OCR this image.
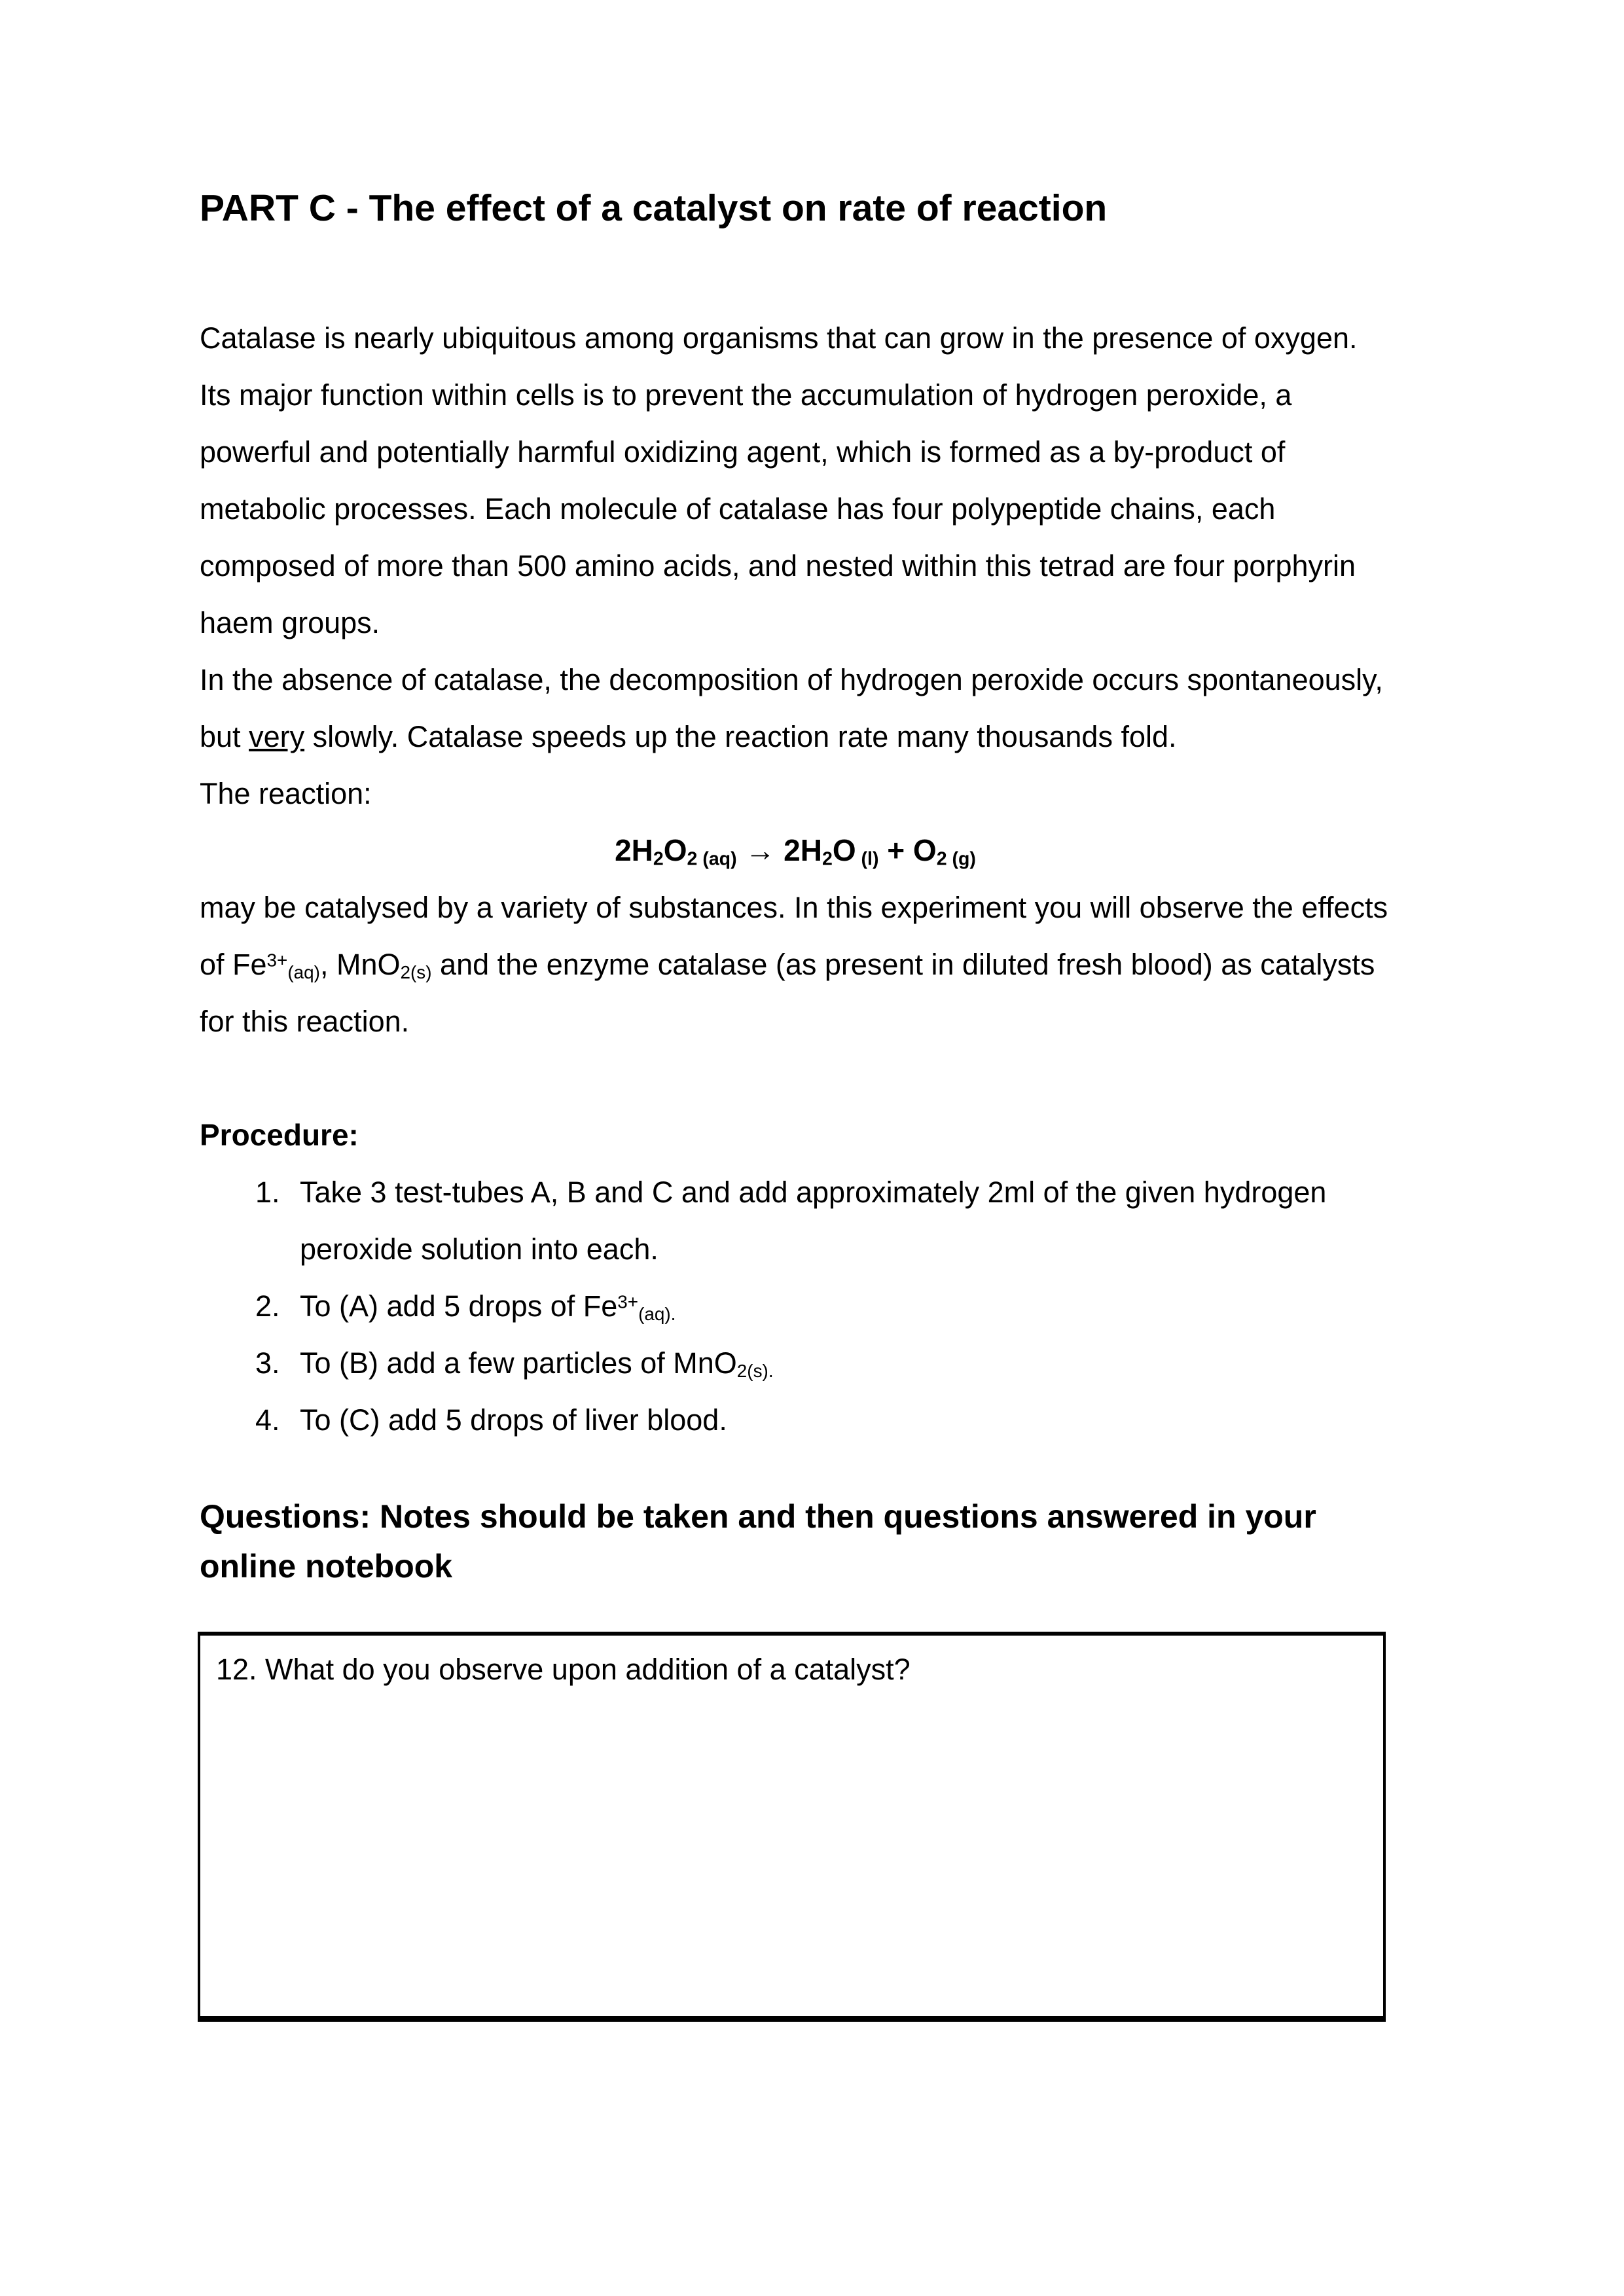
PART C - The effect of a catalyst on rate of reaction
Catalase is nearly ubiquitous among organisms that can grow in the presence of oxygen. Its major function within cells is to prevent the accumulation of hydrogen peroxide, a powerful and potentially harmful oxidizing agent, which is formed as a by-product of metabolic processes. Each molecule of catalase has four polypeptide chains, each composed of more than 500 amino acids, and nested within this tetrad are four porphyrin haem groups.
In the absence of catalase, the decomposition of hydrogen peroxide occurs spontaneously, but very slowly. Catalase speeds up the reaction rate many thousands fold.
The reaction:
$2H_2O_2$ $_{(aq)} \to 2H_2O$ $_{(l)} + O_2$ $_{(g)}$
may be catalysed by a variety of substances. In this experiment you will observe the effects of $Fe^{3+}_{(aq)}$, MnO$_{2(s)}$ and the enzyme catalase (as present in diluted fresh blood) as catalysts for this reaction.
Procedure:
1. Take 3 test-tubes A, B and C and add approximately 2ml of the given hydrogen peroxide solution into each.
2. To (A) add 5 drops of $Fe^{3+}_{(aq).}$
3. To (B) add a few particles of MnO$_{2(s).}$
4. To (C) add 5 drops of liver blood.
Questions: Notes should be taken and then questions answered in your online notebook
12. What do you observe upon addition of a catalyst?
